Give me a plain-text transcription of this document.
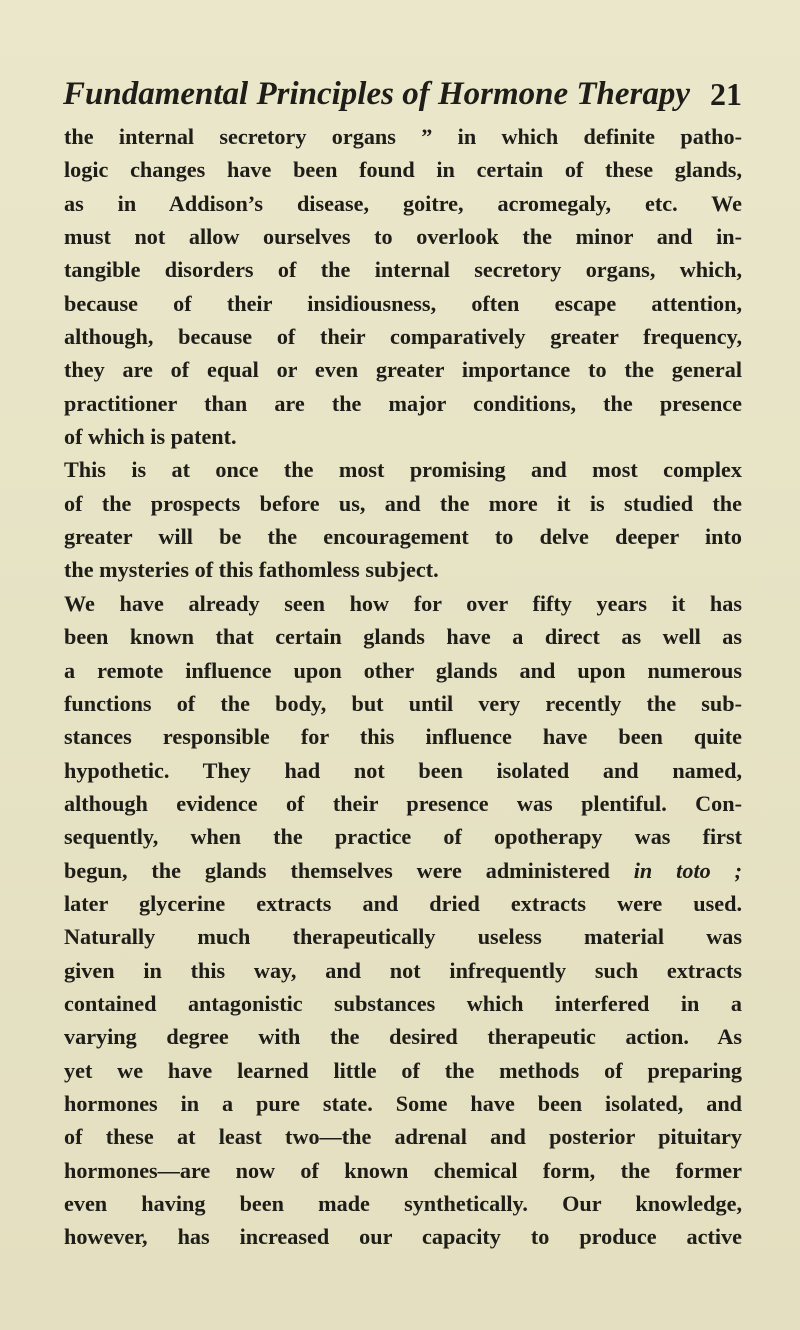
Fundamental Principles of Hormone Therapy 21
the internal secretory organs ” in which definite patho-
logic changes have been found in certain of these glands,
as in Addison’s disease, goitre, acromegaly, etc. We
must not allow ourselves to overlook the minor and in-
tangible disorders of the internal secretory organs, which,
because of their insidiousness, often escape attention,
although, because of their comparatively greater frequency,
they are of equal or even greater importance to the general
practitioner than are the major conditions, the presence
of which is patent.
This is at once the most promising and most complex
of the prospects before us, and the more it is studied the
greater will be the encouragement to delve deeper into
the mysteries of this fathomless subject.
We have already seen how for over fifty years it has
been known that certain glands have a direct as well as
a remote influence upon other glands and upon numerous
functions of the body, but until very recently the sub-
stances responsible for this influence have been quite
hypothetic. They had not been isolated and named,
although evidence of their presence was plentiful. Con-
sequently, when the practice of opotherapy was first
begun, the glands themselves were administered in toto ;
later glycerine extracts and dried extracts were used.
Naturally much therapeutically useless material was
given in this way, and not infrequently such extracts
contained antagonistic substances which interfered in a
varying degree with the desired therapeutic action. As
yet we have learned little of the methods of preparing
hormones in a pure state. Some have been isolated, and
of these at least two—the adrenal and posterior pituitary
hormones—are now of known chemical form, the former
even having been made synthetically. Our knowledge,
however, has increased our capacity to produce active
